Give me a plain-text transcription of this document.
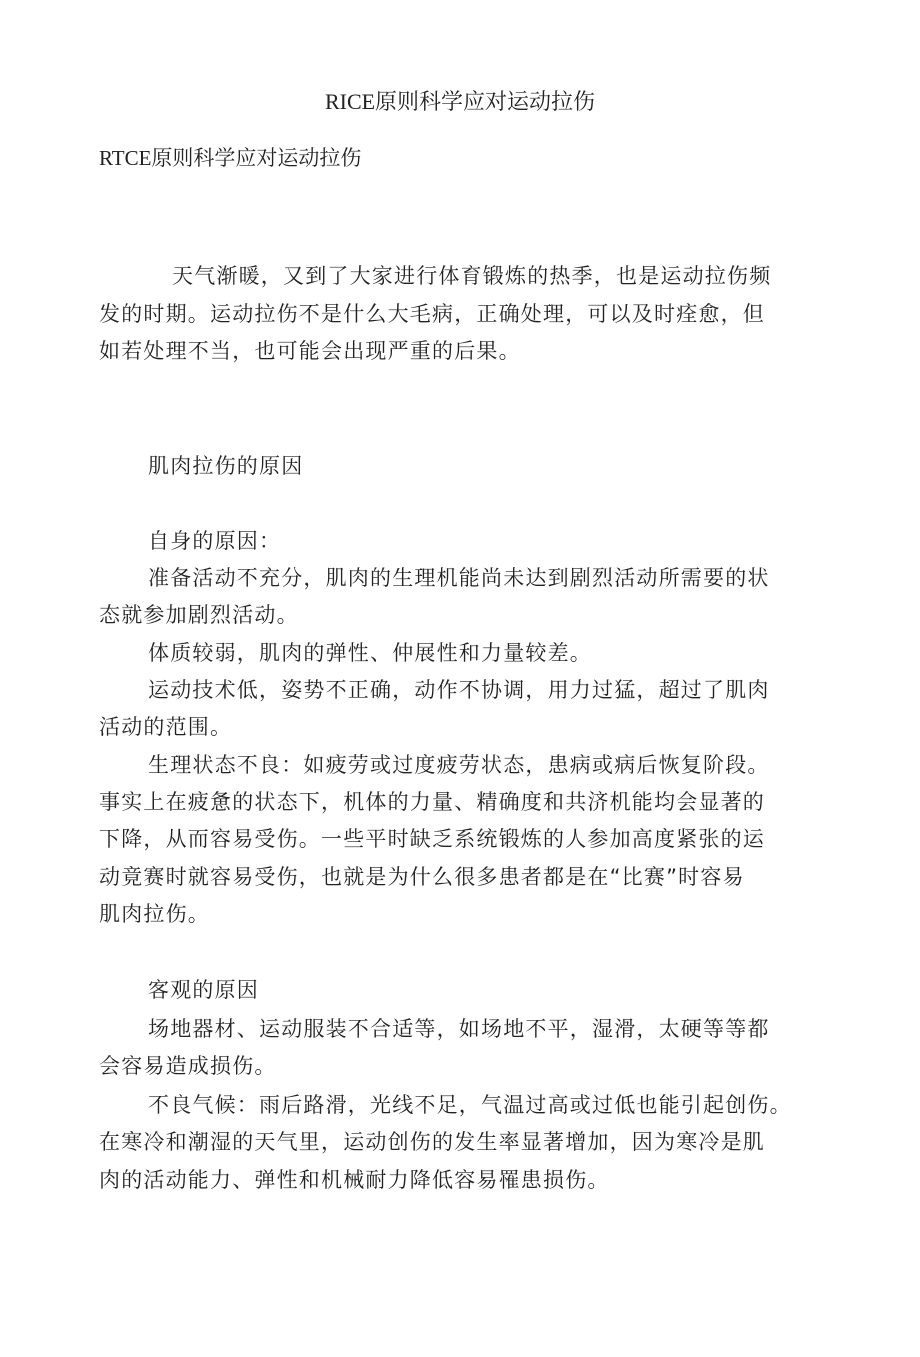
RICE原则科学应对运动拉伤
RTCE原则科学应对运动拉伤
天气渐暖，又到了大家进行体育锻炼的热季，也是运动拉伤频
发的时期。运动拉伤不是什么大毛病，正确处理，可以及时痊愈，但
如若处理不当，也可能会出现严重的后果。
肌肉拉伤的原因
自身的原因：
准备活动不充分，肌肉的生理机能尚未达到剧烈活动所需要的状
态就参加剧烈活动。
体质较弱，肌肉的弹性、仲展性和力量较差。
运动技术低，姿势不正确，动作不协调，用力过猛，超过了肌肉
活动的范围。
生理状态不良：如疲劳或过度疲劳状态，患病或病后恢复阶段。
事实上在疲惫的状态下，机体的力量、精确度和共济机能均会显著的
下降，从而容易受伤。一些平时缺乏系统锻炼的人参加高度紧张的运
动竟赛时就容易受伤，也就是为什么很多患者都是在“比赛”时容易
肌肉拉伤。
客观的原因
场地器材、运动服装不合适等，如场地不平，湿滑，太硬等等都
会容易造成损伤。
不良气候：雨后路滑，光线不足，气温过高或过低也能引起创伤。
在寒冷和潮湿的天气里，运动创伤的发生率显著增加，因为寒冷是肌
肉的活动能力、弹性和机械耐力降低容易罹患损伤。
